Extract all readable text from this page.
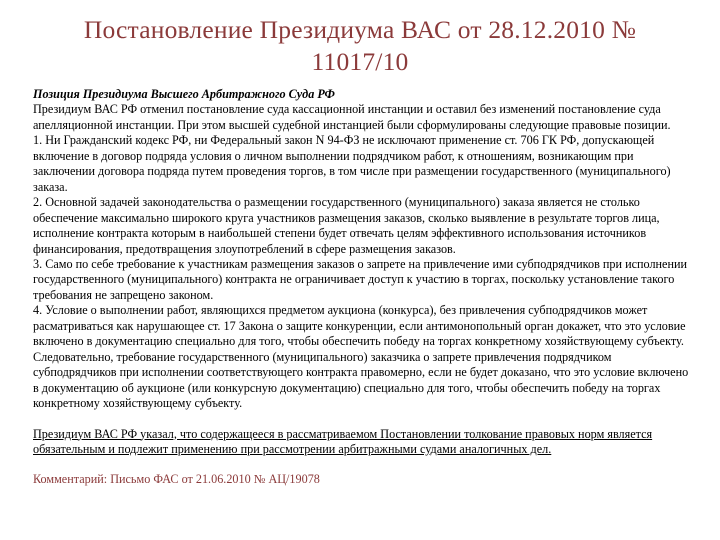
Постановление Президиума ВАС от 28.12.2010 № 11017/10

Позиция Президиума Высшего Арбитражного Суда РФ

Президиум ВАС РФ отменил постановление суда кассационной инстанции и оставил без изменений постановление суда апелляционной инстанции. При этом высшей судебной инстанцией были сформулированы следующие правовые позиции.

1. Ни Гражданский кодекс РФ, ни Федеральный закон N 94-ФЗ не исключают применение ст. 706 ГК РФ, допускающей включение в договор подряда условия о личном выполнении подрядчиком работ, к отношениям, возникающим при заключении договора подряда путем проведения торгов, в том числе при размещении государственного (муниципального) заказа.

2. Основной задачей законодательства о размещении государственного (муниципального) заказа является не столько обеспечение максимально широкого круга участников размещения заказов, сколько выявление в результате торгов лица, исполнение контракта которым в наибольшей степени будет отвечать целям эффективного использования источников финансирования, предотвращения злоупотреблений в сфере размещения заказов.

3. Само по себе требование к участникам размещения заказов о запрете на привлечение ими субподрядчиков при исполнении государственного (муниципального) контракта не ограничивает доступ к участию в торгах, поскольку установление такого требования не запрещено законом.

4. Условие о выполнении работ, являющихся предметом аукциона (конкурса), без привлечения субподрядчиков может расматриваться как нарушающее ст. 17 Закона о защите конкуренции, если антимонопольный орган докажет, что это условие включено в документацию специально для того, чтобы обеспечить победу на торгах конкретному хозяйствующему субъекту.

Следовательно, требование государственного (муниципального) заказчика о запрете привлечения подрядчиком субподрядчиков при исполнении соответствующего контракта правомерно, если не будет доказано, что это условие включено в документацию об аукционе (или конкурсную документацию) специально для того, чтобы обеспечить победу на торгах конкретному хозяйствующему субъекту.

Президиум ВАС РФ указал, что содержащееся в рассматриваемом Постановлении толкование правовых норм является обязательным и подлежит применению при рассмотрении арбитражными судами аналогичных дел.

Комментарий: Письмо ФАС от 21.06.2010 № АЦ/19078
